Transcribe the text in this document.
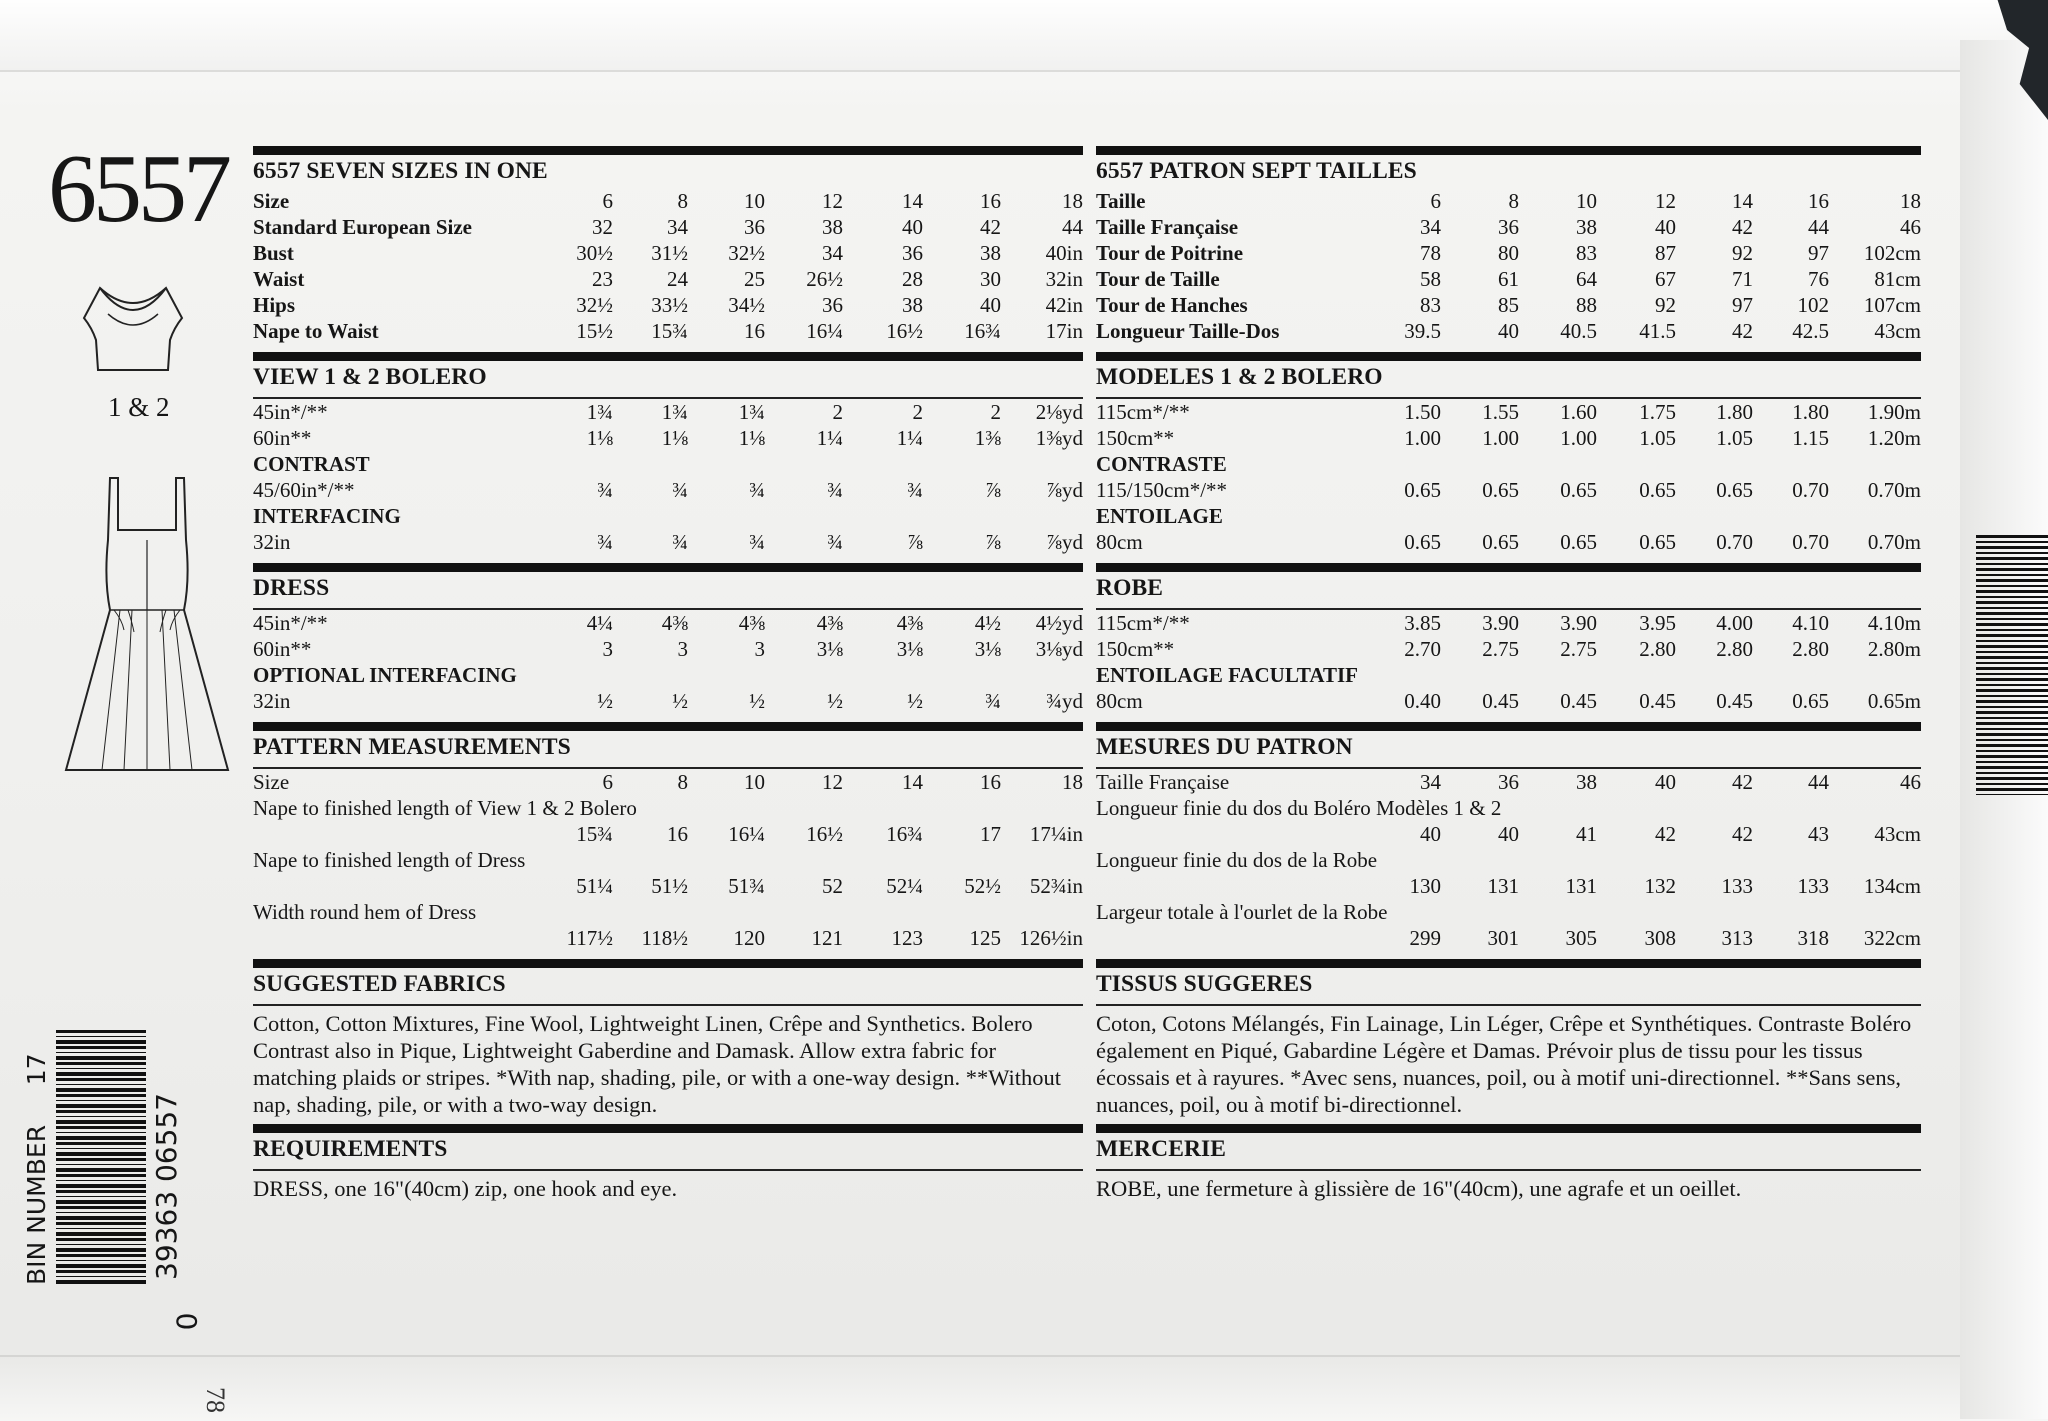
6557
1 & 2
39363 06557
BIN NUMBER     17
0
78
6557 SEVEN SIZES IN ONE
Size	6	8	10	12	14	16	18
Standard European Size	32	34	36	38	40	42	44
Bust	30½	31½	32½	34	36	38	40in
Waist	23	24	25	26½	28	30	32in
Hips	32½	33½	34½	36	38	40	42in
Nape to Waist	15½	15¾	16	16¼	16½	16¾	17in
VIEW 1 & 2 BOLERO
45in*/**	1¾	1¾	1¾	2	2	2	2⅛yd
60in**	1⅛	1⅛	1⅛	1¼	1¼	1⅜	1⅜yd
CONTRAST
45/60in*/**	¾	¾	¾	¾	¾	⅞	⅞yd
INTERFACING
32in	¾	¾	¾	¾	⅞	⅞	⅞yd
DRESS
45in*/**	4¼	4⅜	4⅜	4⅜	4⅜	4½	4½yd
60in**	3	3	3	3⅛	3⅛	3⅛	3⅛yd
OPTIONAL INTERFACING
32in	½	½	½	½	½	¾	¾yd
PATTERN MEASUREMENTS
Size	6	8	10	12	14	16	18
Nape to finished length of View 1 & 2 Bolero
15¾	16	16¼	16½	16¾	17	17¼in
Nape to finished length of Dress
51¼	51½	51¾	52	52¼	52½	52¾in
Width round hem of Dress
117½	118½	120	121	123	125 126½in
SUGGESTED FABRICS
Cotton, Cotton Mixtures, Fine Wool, Lightweight Linen, Crêpe and Synthetics. Bolero Contrast also in Pique, Lightweight Gaberdine and Damask. Allow extra fabric for matching plaids or stripes. *With nap, shading, pile, or with a one-way design. **Without nap, shading, pile, or with a two-way design.
REQUIREMENTS
DRESS, one 16"(40cm) zip, one hook and eye.
6557 PATRON SEPT TAILLES
Taille	6	8	10	12	14	16	18
Taille Française	34	36	38	40	42	44	46
Tour de Poitrine	78	80	83	87	92	97	102cm
Tour de Taille	58	61	64	67	71	76	81cm
Tour de Hanches	83	85	88	92	97	102	107cm
Longueur Taille-Dos	39.5	40	40.5	41.5	42	42.5	43cm
MODELES 1 & 2 BOLERO
115cm*/**	1.50	1.55	1.60	1.75	1.80	1.80	1.90m
150cm**	1.00	1.00	1.00	1.05	1.05	1.15	1.20m
CONTRASTE
115/150cm*/**	0.65	0.65	0.65	0.65	0.65	0.70	0.70m
ENTOILAGE
80cm	0.65	0.65	0.65	0.65	0.70	0.70	0.70m
ROBE
115cm*/**	3.85	3.90	3.90	3.95	4.00	4.10	4.10m
150cm**	2.70	2.75	2.75	2.80	2.80	2.80	2.80m
ENTOILAGE FACULTATIF
80cm	0.40	0.45	0.45	0.45	0.45	0.65	0.65m
MESURES DU PATRON
Taille Française	34	36	38	40	42	44	46
Longueur finie du dos du Boléro Modèles 1 & 2
40	40	41	42	42	43	43cm
Longueur finie du dos de la Robe
130	131	131	132	133	133	134cm
Largeur totale à l'ourlet de la Robe
299	301	305	308	313	318	322cm
TISSUS SUGGERES
Coton, Cotons Mélangés, Fin Lainage, Lin Léger, Crêpe et Synthétiques. Contraste Boléro également en Piqué, Gabardine Légère et Damas. Prévoir plus de tissu pour les tissus écossais et à rayures. *Avec sens, nuances, poil, ou à motif uni-directionnel. **Sans sens, nuances, poil, ou à motif bi-directionnel.
MERCERIE
ROBE, une fermeture à glissière de 16"(40cm), une agrafe et un oeillet.
